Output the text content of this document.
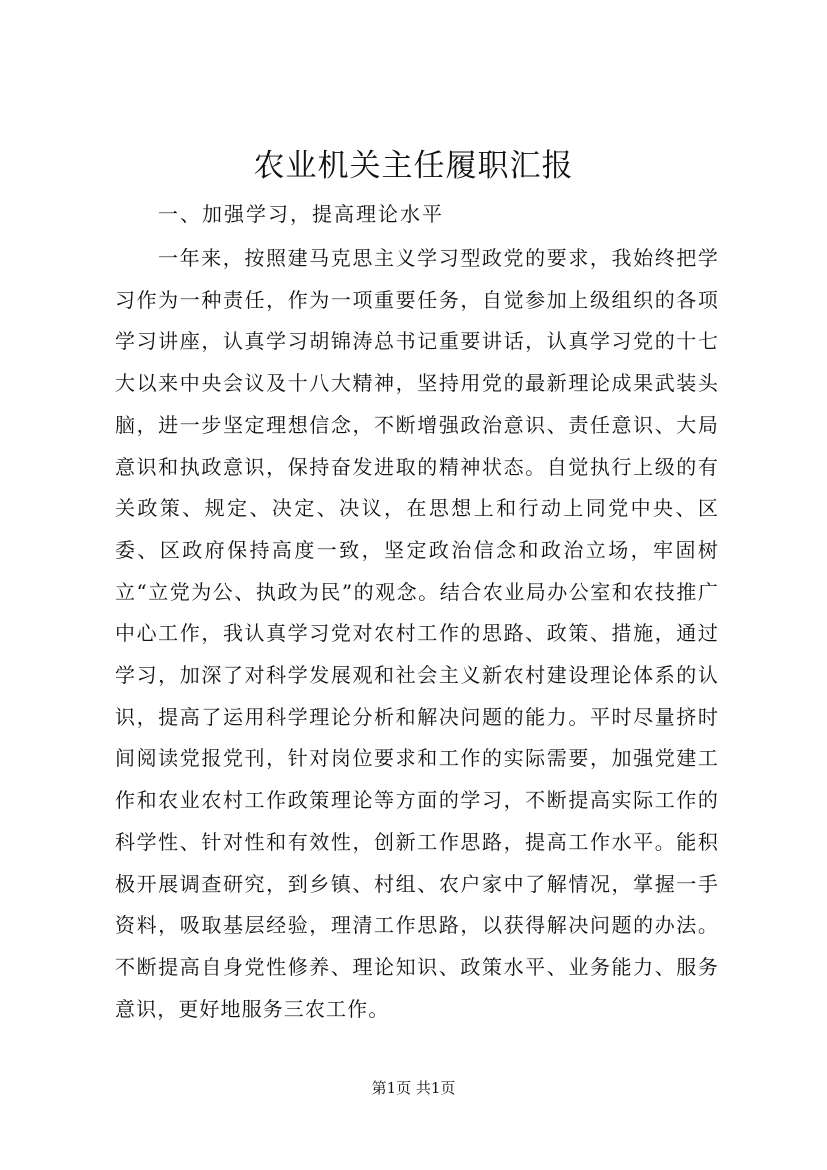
农业机关主任履职汇报

一、加强学习，提高理论水平

一年来，按照建马克思主义学习型政党的要求，我始终把学习作为一种责任，作为一项重要任务，自觉参加上级组织的各项学习讲座，认真学习胡锦涛总书记重要讲话，认真学习党的十七大以来中央会议及十八大精神，坚持用党的最新理论成果武装头脑，进一步坚定理想信念，不断增强政治意识、责任意识、大局意识和执政意识，保持奋发进取的精神状态。自觉执行上级的有关政策、规定、决定、决议，在思想上和行动上同党中央、区委、区政府保持高度一致，坚定政治信念和政治立场，牢固树立“立党为公、执政为民”的观念。结合农业局办公室和农技推广中心工作，我认真学习党对农村工作的思路、政策、措施，通过学习，加深了对科学发展观和社会主义新农村建设理论体系的认识，提高了运用科学理论分析和解决问题的能力。平时尽量挤时间阅读党报党刊，针对岗位要求和工作的实际需要，加强党建工作和农业农村工作政策理论等方面的学习，不断提高实际工作的科学性、针对性和有效性，创新工作思路，提高工作水平。能积极开展调查研究，到乡镇、村组、农户家中了解情况，掌握一手资料，吸取基层经验，理清工作思路，以获得解决问题的办法。不断提高自身党性修养、理论知识、政策水平、业务能力、服务意识，更好地服务三农工作。

第1页 共1页
